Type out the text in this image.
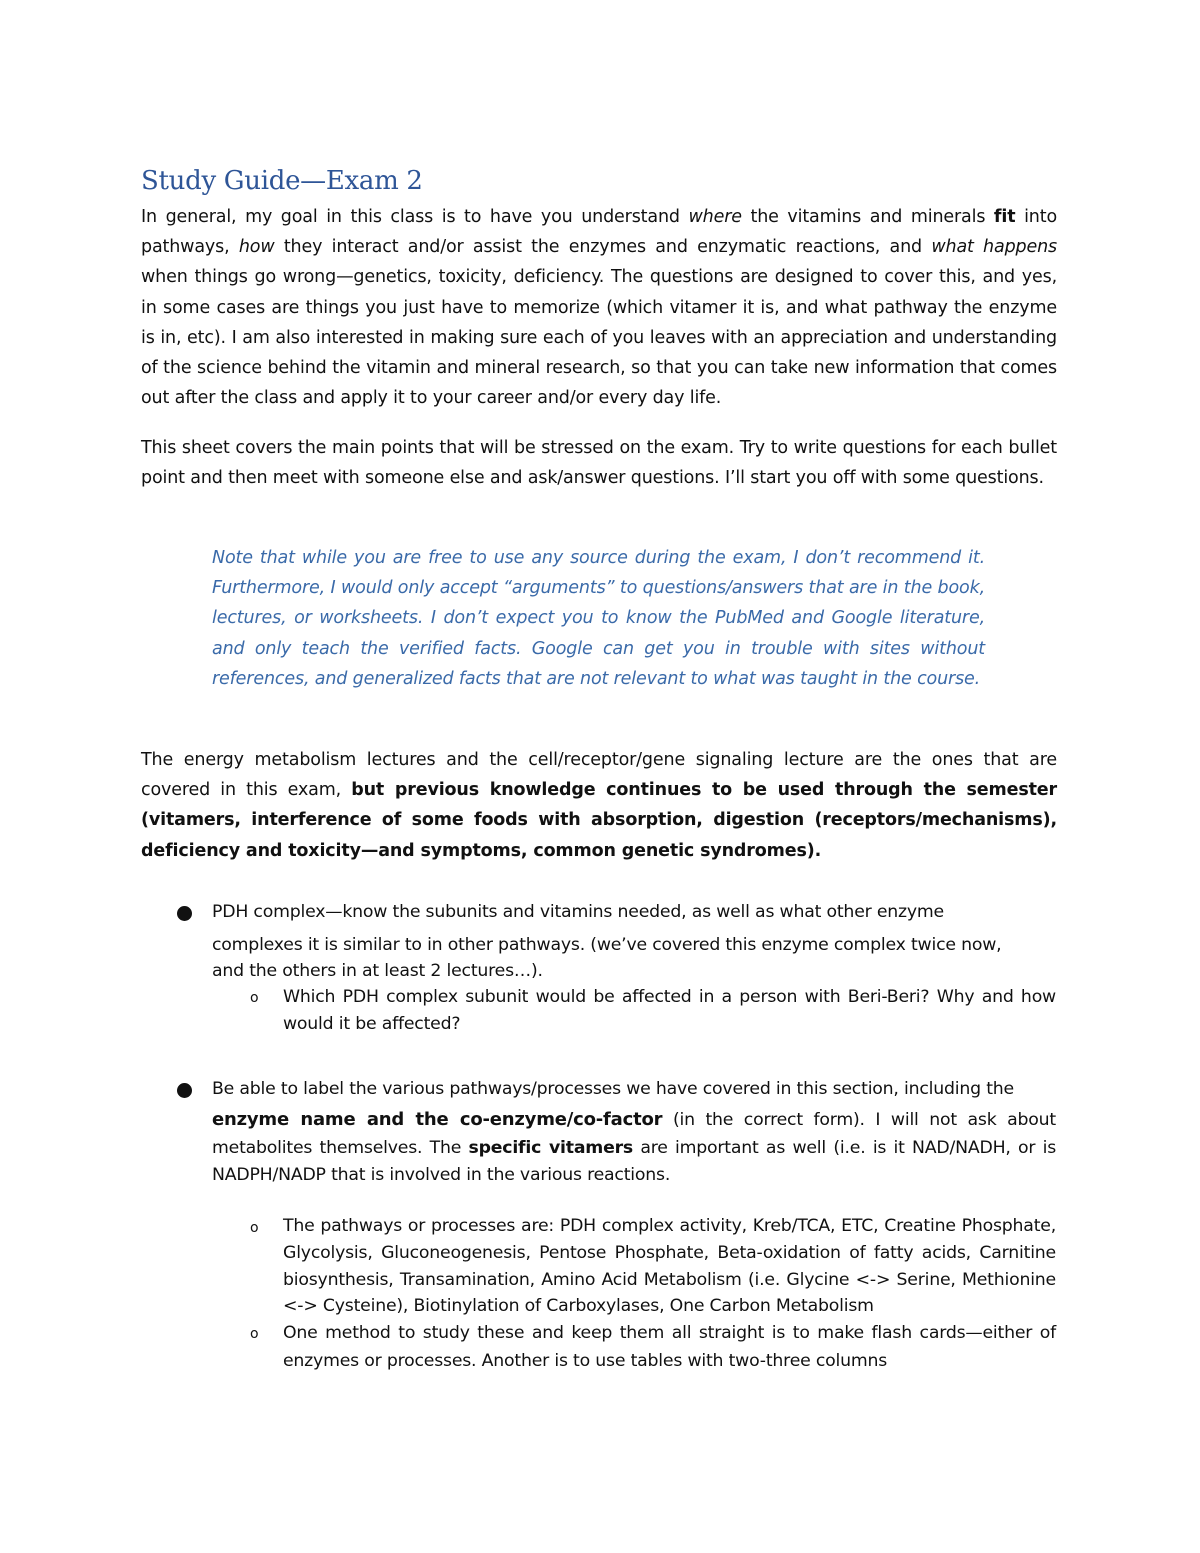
Study Guide—Exam 2

In general, my goal in this class is to have you understand where the vitamins and minerals fit into pathways, how they interact and/or assist the enzymes and enzymatic reactions, and what happens when things go wrong—genetics, toxicity, deficiency. The questions are designed to cover this, and yes, in some cases are things you just have to memorize (which vitamer it is, and what pathway the enzyme is in, etc). I am also interested in making sure each of you leaves with an appreciation and understanding of the science behind the vitamin and mineral research, so that you can take new information that comes out after the class and apply it to your career and/or every day life.

This sheet covers the main points that will be stressed on the exam. Try to write questions for each bullet point and then meet with someone else and ask/answer questions. I’ll start you off with some questions.

Note that while you are free to use any source during the exam, I don’t recommend it. Furthermore, I would only accept “arguments” to questions/answers that are in the book, lectures, or worksheets. I don’t expect you to know the PubMed and Google literature, and only teach the verified facts. Google can get you in trouble with sites without references, and generalized facts that are not relevant to what was taught in the course.

The energy metabolism lectures and the cell/receptor/gene signaling lecture are the ones that are covered in this exam, but previous knowledge continues to be used through the semester (vitamers, interference of some foods with absorption, digestion (receptors/mechanisms), deficiency and toxicity—and symptoms, common genetic syndromes).

PDH complex—know the subunits and vitamins needed, as well as what other enzyme
complexes it is similar to in other pathways. (we’ve covered this enzyme complex twice now,
and the others in at least 2 lectures…).
o Which PDH complex subunit would be affected in a person with Beri-Beri? Why and how would it be affected?

Be able to label the various pathways/processes we have covered in this section, including the

enzyme name and the co-enzyme/co-factor (in the correct form). I will not ask about metabolites themselves. The specific vitamers are important as well (i.e. is it NAD/NADH, or is NADPH/NADP that is involved in the various reactions.

o The pathways or processes are: PDH complex activity, Kreb/TCA, ETC, Creatine Phosphate, Glycolysis, Gluconeogenesis, Pentose Phosphate, Beta-oxidation of fatty acids, Carnitine biosynthesis, Transamination, Amino Acid Metabolism (i.e. Glycine <-> Serine, Methionine <-> Cysteine), Biotinylation of Carboxylases, One Carbon Metabolism

o One method to study these and keep them all straight is to make flash cards—either of enzymes or processes. Another is to use tables with two-three columns
